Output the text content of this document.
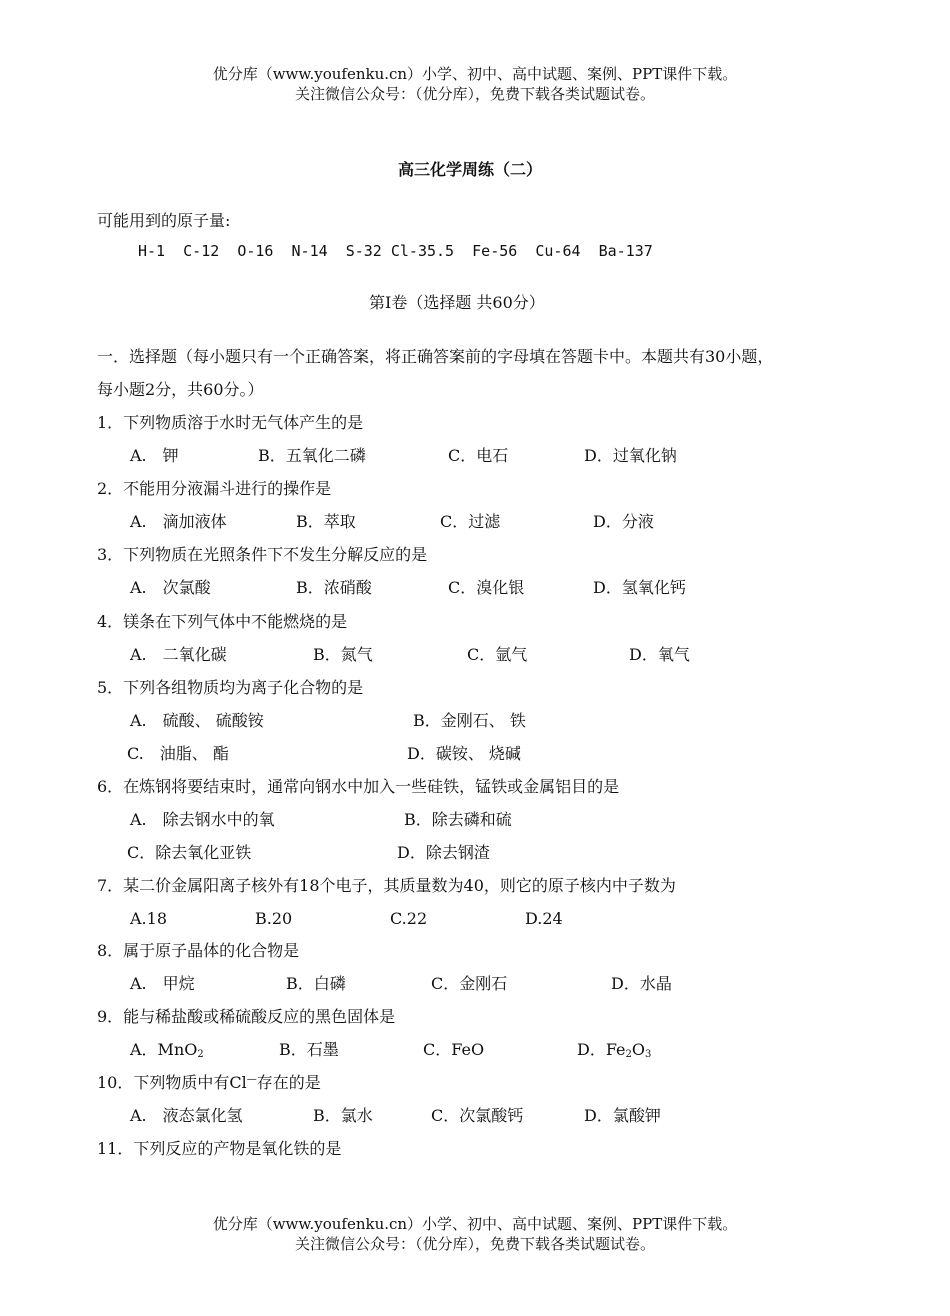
优分库（www.youfenku.cn）小学、初中、高中试题、案例、PPT课件下载。
关注微信公众号：（优分库），免费下载各类试题试卷。
高三化学周练（二）
可能用到的原子量:
H-1 C-12 O-16 N-14 S-32 Cl-35.5 Fe-56 Cu-64 Ba-137
第Ⅰ卷（选择题 共60分）
一．选择题（每小题只有一个正确答案，将正确答案前的字母填在答题卡中。本题共有30小题，
每小题2分，共60分。）
1．下列物质溶于水时无气体产生的是
A.　钾	B．五氧化二磷	C．电石	D．过氧化钠
2．不能用分液漏斗进行的操作是
A.　滴加液体	B．萃取	C．过滤	D．分液
3．下列物质在光照条件下不发生分解反应的是
A.　次氯酸	B．浓硝酸	C．溴化银	D．氢氧化钙
4．镁条在下列气体中不能燃烧的是
A.　二氧化碳	B．氮气	C．氩气	D．氧气
5．下列各组物质均为离子化合物的是
A.　硫酸、 硫酸铵	B．金刚石、 铁
C.　油脂、 酯	D．碳铵、 烧碱
6．在炼钢将要结束时，通常向钢水中加入一些硅铁，锰铁或金属铝目的是
A.　除去钢水中的氧	B．除去磷和硫
C．除去氧化亚铁	D．除去钢渣
7．某二价金属阳离子核外有18个电子，其质量数为40，则它的原子核内中子数为
A.18	B.20	C.22	D.24
8．属于原子晶体的化合物是
A.　甲烷	B．白磷	C．金刚石	D．水晶
9．能与稀盐酸或稀硫酸反应的黑色固体是
A．MnO$_2$	B．石墨	C．FeO	D．$Fe_2O_3$
10．下列物质中有Cl—存在的是
A.　液态氯化氢	B．氯水	C．次氯酸钙	D．氯酸钾
11．下列反应的产物是氧化铁的是
优分库（www.youfenku.cn）小学、初中、高中试题、案例、PPT课件下载。
关注微信公众号：（优分库），免费下载各类试题试卷。
